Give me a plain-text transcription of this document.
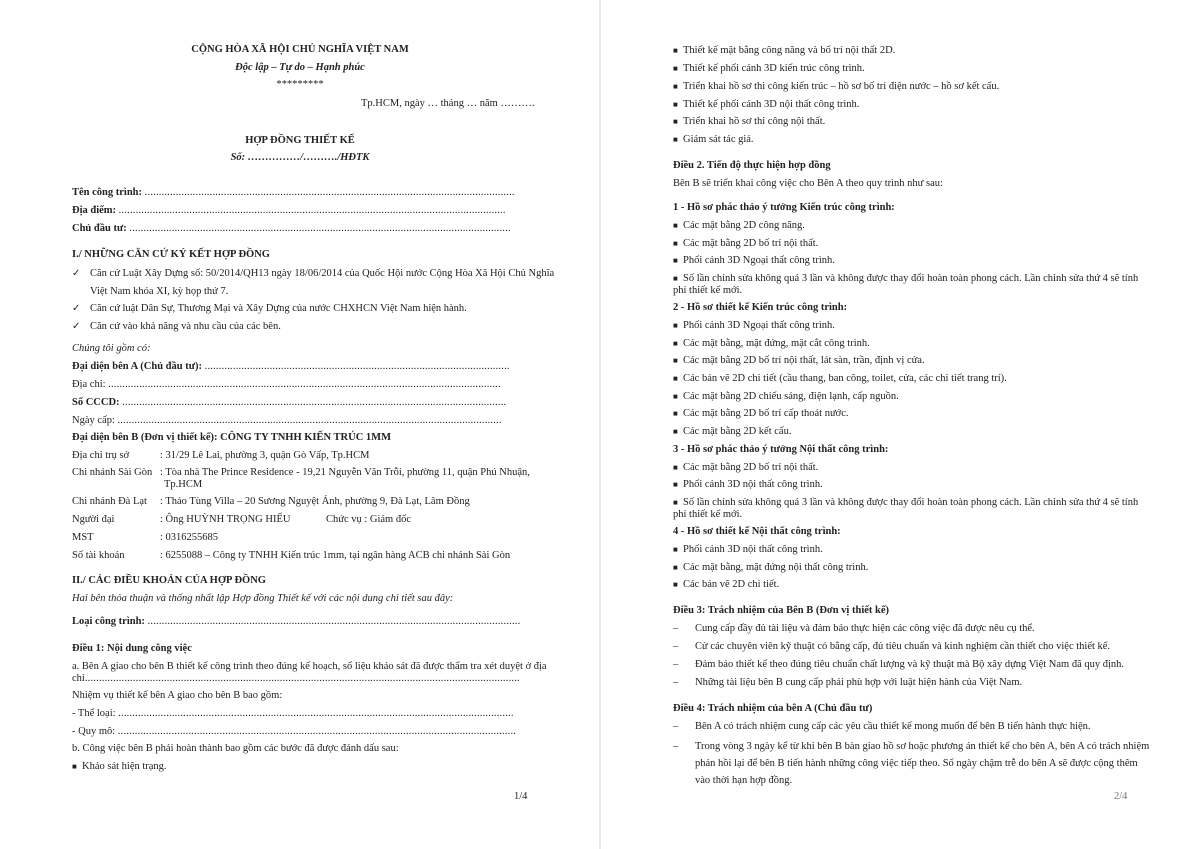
CỘNG HÒA XÃ HỘI CHỦ NGHĨA VIỆT NAM
Độc lập – Tự do – Hạnh phúc
*********
Tp.HCM, ngày … tháng … năm ……….
HỢP ĐỒNG THIẾT KẾ
Số: ……………/………./HĐTK
Tên công trình: ...................................................................................................................................
Địa điểm: .........................................................................................................................................
Chủ đầu tư: .......................................................................................................................................
I./ NHỮNG CĂN CỨ KÝ KẾT HỢP ĐỒNG
✓ Căn cứ Luật Xây Dựng số: 50/2014/QH13 ngày 18/06/2014 của Quốc Hội nước Cộng Hòa Xã Hội Chủ Nghĩa
Việt Nam khóa XI, kỳ họp thứ 7.
✓ Căn cứ luật Dân Sự, Thương Mại và Xây Dựng của nước CHXHCN Việt Nam hiện hành.
✓ Căn cứ vào khả năng và nhu cầu của các bên.
Chúng tôi gồm có:
Đại diện bên A (Chủ đầu tư): ............................................................................................................
Địa chỉ: ...........................................................................................................................................
Số CCCD: ........................................................................................................................................
Ngày cấp: ........................................................................................................................................
Đại diện bên B (Đơn vị thiết kế): CÔNG TY TNHH KIẾN TRÚC 1MM
Địa chỉ trụ sở	: 31/29 Lê Lai, phường 3, quận Gò Vấp, Tp.HCM
Chi nhánh Sài Gòn : Tòa nhà The Prince Residence - 19,21 Nguyễn Văn Trỗi, phường 11, quận Phú Nhuận,
Tp.HCM
Chi nhánh Đà Lạt : Thảo Tùng Villa – 20 Sương Nguyệt Ánh, phường 9, Đà Lạt, Lâm Đồng
Người đại	: Ông HUỲNH TRỌNG HIẾU	Chức vụ : Giám đốc
MST	: 0316255685
Số tài khoản	: 6255088 – Công ty TNHH Kiến trúc 1mm, tại ngân hàng ACB chi nhánh Sài Gòn
II./ CÁC ĐIỀU KHOẢN CỦA HỢP ĐỒNG
Hai bên thỏa thuận và thống nhất lập Hợp đồng Thiết kế với các nội dung chi tiết sau đây:
Loại công trình: ....................................................................................................................................
Điều 1: Nội dung công việc
a. Bên A giao cho bên B thiết kế công trình theo đúng kế hoạch, số liệu khảo sát đã được thẩm tra xét duyệt ở địa
chỉ..........................................................................................................................................................
Nhiệm vụ thiết kế bên A giao cho bên B bao gồm:
- Thể loại: ............................................................................................................................................
- Quy mô: .............................................................................................................................................
b. Công việc bên B phải hoàn thành bao gồm các bước đã được đánh dấu sau:
■ Khảo sát hiện trạng.
1/4
■ Thiết kế mặt bằng công năng và bố trí nội thất 2D.
■ Thiết kế phối cảnh 3D kiến trúc công trình.
■ Triển khai hồ sơ thi công kiến trúc – hồ sơ bố trí điện nước – hồ sơ kết cấu.
■ Thiết kế phối cảnh 3D nội thất công trình.
■ Triển khai hồ sơ thi công nội thất.
■ Giám sát tác giả.
Điều 2. Tiến độ thực hiện hợp đồng
Bên B sẽ triển khai công việc cho Bên A theo quy trình như sau:
1 - Hồ sơ phác thảo ý tưởng Kiến trúc công trình:
■ Các mặt bằng 2D công năng.
■ Các mặt bằng 2D bố trí nội thất.
■ Phối cảnh 3D Ngoại thất công trình.
■ Số lần chỉnh sửa không quá 3 lần và không được thay đổi hoàn toàn phong cách. Lần chỉnh sửa thứ 4 sẽ tính
phí thiết kế mới.
2 - Hồ sơ thiết kế Kiến trúc công trình:
■ Phối cảnh 3D Ngoại thất công trình.
■ Các mặt bằng, mặt đứng, mặt cắt công trình.
■ Các mặt bằng 2D bố trí nội thất, lát sàn, trần, định vị cửa.
■ Các bản vẽ 2D chi tiết (cầu thang, ban công, toilet, cửa, các chi tiết trang trí).
■ Các mặt bằng 2D chiếu sáng, điện lạnh, cấp nguồn.
■ Các mặt bằng 2D bố trí cấp thoát nước.
■ Các mặt bằng 2D kết cấu.
3 - Hồ sơ phác thảo ý tưởng Nội thất công trình:
■ Các mặt bằng 2D bố trí nội thất.
■ Phối cảnh 3D nội thất công trình.
■ Số lần chỉnh sửa không quá 3 lần và không được thay đổi hoàn toàn phong cách. Lần chỉnh sửa thứ 4 sẽ tính
phí thiết kế mới.
4 - Hồ sơ thiết kế Nội thất công trình:
■ Phối cảnh 3D nội thất công trình.
■ Các mặt bằng, mặt đứng nội thất công trình.
■ Các bản vẽ 2D chi tiết.
Điều 3: Trách nhiệm của Bên B (Đơn vị thiết kế)
– Cung cấp đầy đủ tài liệu và đảm bảo thực hiện các công việc đã được nêu cụ thể.
– Cử các chuyên viên kỹ thuật có bằng cấp, đủ tiêu chuẩn và kinh nghiệm cần thiết cho việc thiết kế.
– Đảm bảo thiết kế theo đúng tiêu chuẩn chất lượng và kỹ thuật mà Bộ xây dựng Việt Nam đã quy định.
– Những tài liệu bên B cung cấp phải phù hợp với luật hiện hành của Việt Nam.
Điều 4: Trách nhiệm của bên A (Chủ đầu tư)
– Bên A có trách nhiệm cung cấp các yêu cầu thiết kế mong muốn để bên B tiến hành thực hiện.
– Trong vòng 3 ngày kể từ khi bên B bàn giao hồ sơ hoặc phương án thiết kế cho bên A, bên A có trách nhiệm
phản hồi lại để bên B tiến hành những công việc tiếp theo. Số ngày chậm trễ do bên A sẽ được cộng thêm
vào thời hạn hợp đồng.
2/4
